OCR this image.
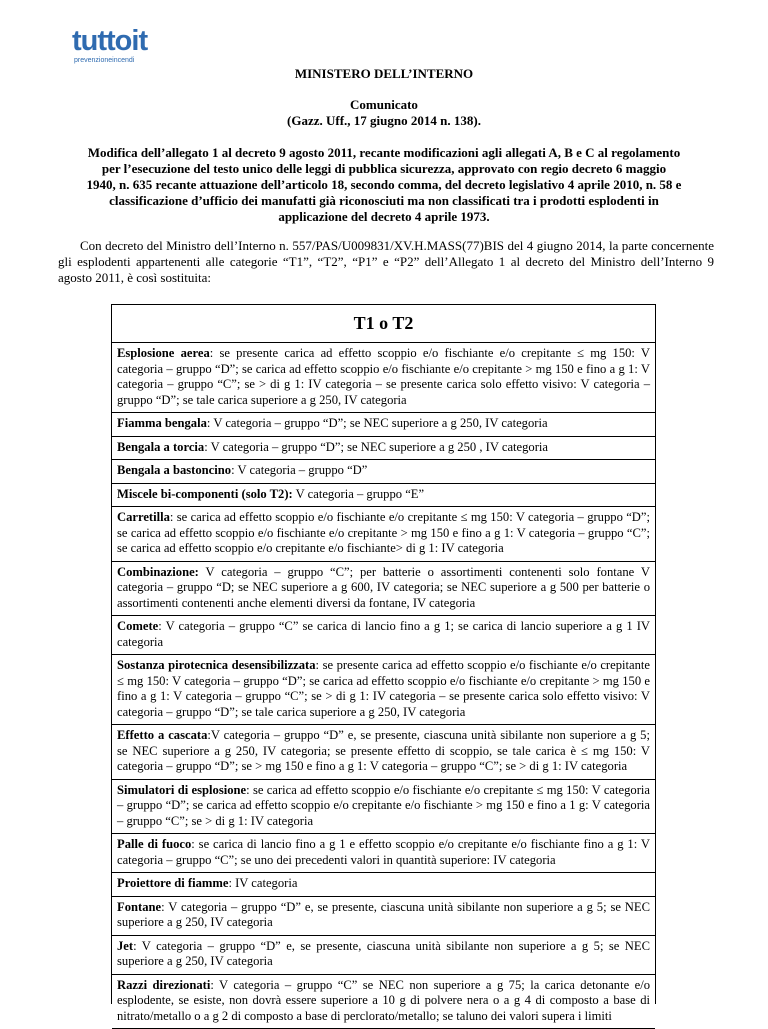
tuttoit
prevenzioneincendi
MINISTERO DELL’INTERNO
Comunicato
(Gazz. Uff., 17 giugno 2014 n. 138).
Modifica dell’allegato 1 al decreto 9 agosto 2011, recante modificazioni agli allegati A, B e C al regolamento per l’esecuzione del testo unico delle leggi di pubblica sicurezza, approvato con regio decreto 6 maggio 1940, n. 635 recante attuazione dell’articolo 18, secondo comma, del decreto legislativo 4 aprile 2010, n. 58 e classificazione d’ufficio dei manufatti già riconosciuti ma non classificati tra i prodotti esplodenti in applicazione del decreto 4 aprile 1973.
Con decreto del Ministro dell’Interno n. 557/PAS/U009831/XV.H.MASS(77)BIS del 4 giugno 2014, la parte concernente gli esplodenti appartenenti alle categorie “T1”, “T2”, “P1” e “P2” dell’Allegato 1 al decreto del Ministro dell’Interno 9 agosto 2011, è così sostituita:
T1 o T2
Esplosione aerea: se presente carica ad effetto scoppio e/o fischiante e/o crepitante ≤ mg 150: V categoria – gruppo “D”; se carica ad effetto scoppio e/o fischiante e/o crepitante > mg 150 e fino a g 1: V categoria – gruppo “C”; se > di g 1: IV categoria – se presente carica solo effetto visivo: V categoria – gruppo “D”; se tale carica superiore a g 250, IV categoria
Fiamma bengala: V categoria – gruppo “D”; se NEC superiore a g 250, IV categoria
Bengala a torcia: V categoria – gruppo “D”; se NEC superiore a g 250 , IV categoria
Bengala a bastoncino: V categoria – gruppo “D”
Miscele bi-componenti (solo T2): V categoria – gruppo “E”
Carretilla: se carica ad effetto scoppio e/o fischiante e/o crepitante ≤ mg 150: V categoria – gruppo “D”; se carica ad effetto scoppio e/o fischiante e/o crepitante > mg 150 e fino a g 1: V categoria – gruppo “C”; se carica ad effetto scoppio e/o crepitante e/o fischiante> di g 1: IV categoria
Combinazione: V categoria – gruppo “C”; per batterie o assortimenti contenenti solo fontane V categoria – gruppo “D; se NEC superiore a g 600, IV categoria; se NEC superiore a g 500 per batterie o assortimenti contenenti anche elementi diversi da fontane, IV categoria
Comete: V categoria – gruppo “C” se carica di lancio fino a g 1; se carica di lancio superiore a g 1 IV categoria
Sostanza pirotecnica desensibilizzata: se presente carica ad effetto scoppio e/o fischiante e/o crepitante ≤ mg 150: V categoria – gruppo “D”; se carica ad effetto scoppio e/o fischiante e/o crepitante > mg 150 e fino a g 1: V categoria – gruppo “C”; se > di g 1: IV categoria – se presente carica solo effetto visivo: V categoria – gruppo “D”; se tale carica superiore a g 250, IV categoria
Effetto a cascata:V categoria – gruppo “D” e, se presente, ciascuna unità sibilante non superiore a g 5; se NEC superiore a g 250, IV categoria; se presente effetto di scoppio, se tale carica è ≤ mg 150: V categoria – gruppo “D”; se > mg 150 e fino a g 1: V categoria – gruppo “C”; se > di g 1: IV categoria
Simulatori di esplosione: se carica ad effetto scoppio e/o fischiante e/o crepitante ≤ mg 150: V categoria – gruppo “D”; se carica ad effetto scoppio e/o crepitante e/o fischiante > mg 150 e fino a 1 g: V categoria – gruppo “C”; se > di g 1: IV categoria
Palle di fuoco: se carica di lancio fino a g 1 e effetto scoppio e/o crepitante e/o fischiante fino a g 1: V categoria – gruppo “C”; se uno dei precedenti valori in quantità superiore: IV categoria
Proiettore di fiamme: IV categoria
Fontane: V categoria – gruppo “D” e, se presente, ciascuna unità sibilante non superiore a g 5; se NEC superiore a g 250, IV categoria
Jet: V categoria – gruppo “D” e, se presente, ciascuna unità sibilante non superiore a g 5; se NEC superiore a g 250, IV categoria
Razzi direzionati: V categoria – gruppo “C” se NEC non superiore a g 75; la carica detonante e/o esplodente, se esiste, non dovrà essere superiore a 10 g di polvere nera o a g 4 di composto a base di nitrato/metallo o a g 2 di composto a base di perclorato/metallo; se taluno dei valori supera i limiti
